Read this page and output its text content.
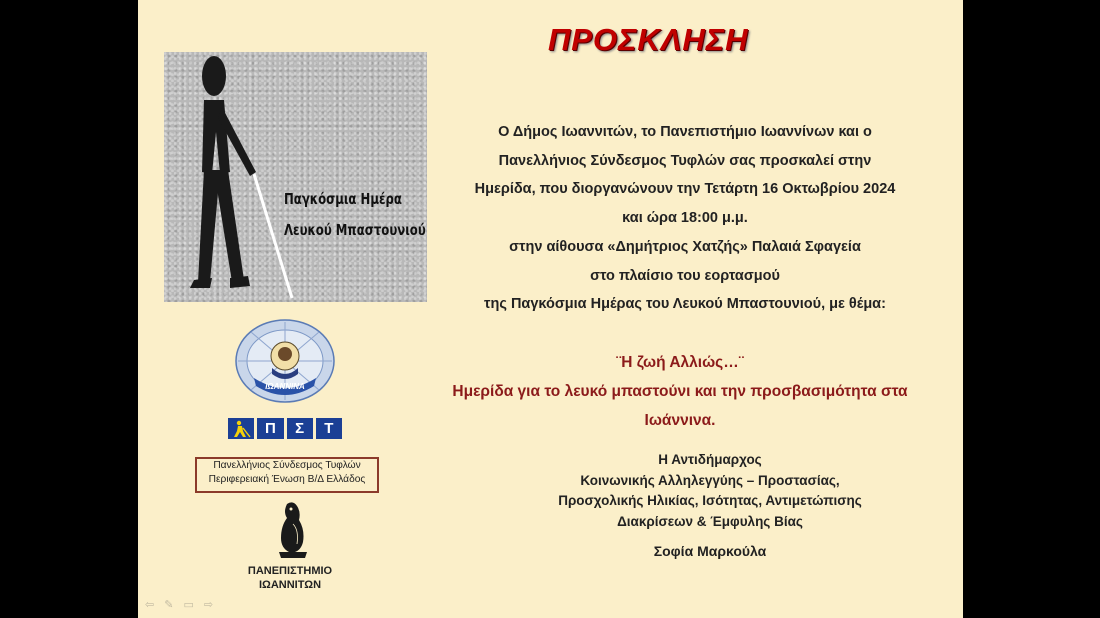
ΠΡΟΣΚΛΗΣΗ
Παγκόσμια Ημέρα
Λευκού Μπαστουνιού
Ο Δήμος Ιωαννιτών, το Πανεπιστήμιο Ιωαννίνων και ο
Πανελλήνιος Σύνδεσμος Τυφλών σας προσκαλεί στην
Ημερίδα, που διοργανώνουν την Τετάρτη 16 Οκτωβρίου 2024
και ώρα 18:00 μ.μ.
στην αίθουσα «Δημήτριος Χατζής» Παλαιά Σφαγεία
στο πλαίσιο του εορτασμού
της Παγκόσμια Ημέρας του Λευκού Μπαστουνιού, με θέμα:
¨Η ζωή Αλλιώς…¨
Ημερίδα για το λευκό μπαστούνι και την προσβασιμότητα στα
Ιωάννινα.
Η Αντιδήμαρχος
Κοινωνικής Αλληλεγγύης – Προστασίας,
Προσχολικής Ηλικίας, Ισότητας, Αντιμετώπισης
Διακρίσεων & Έμφυλης Βίας
Σοφία Μαρκούλα
ΙΩΑΝΝΙΝΑ
Π	Σ	Τ
Πανελλήνιος Σύνδεσμος Τυφλών
Περιφερειακή Ένωση Β/Δ Ελλάδος
ΠΑΝΕΠΙΣΤΗΜΙΟ
ΙΩΑΝΝΙΤΩΝ
⇦ ✎ ▭ ⇨
